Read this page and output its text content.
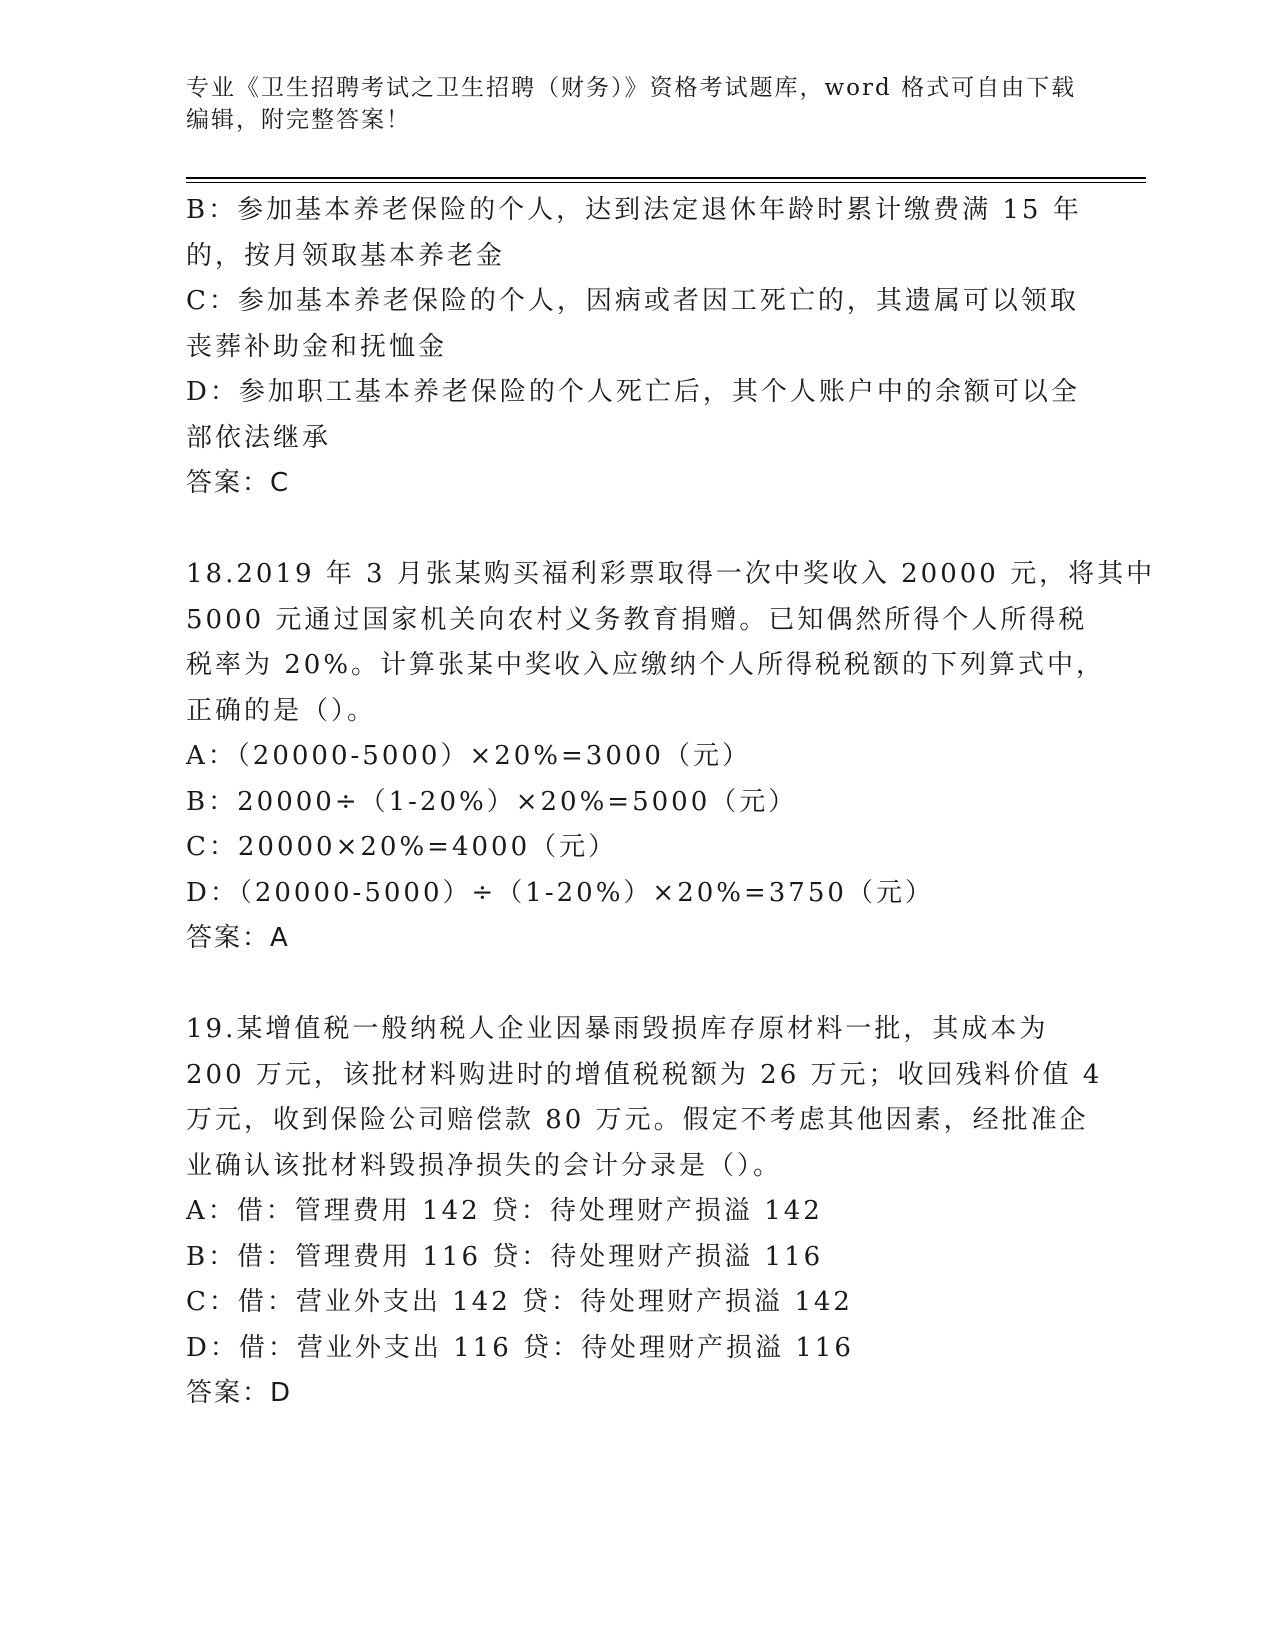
专业《卫生招聘考试之卫生招聘（财务）》资格考试题库，word 格式可自由下载
编辑，附完整答案！
B：参加基本养老保险的个人，达到法定退休年龄时累计缴费满 15 年
的，按月领取基本养老金
C：参加基本养老保险的个人，因病或者因工死亡的，其遗属可以领取
丧葬补助金和抚恤金
D：参加职工基本养老保险的个人死亡后，其个人账户中的余额可以全
部依法继承
答案：C
18.2019 年 3 月张某购买福利彩票取得一次中奖收入 20000 元，将其中
5000 元通过国家机关向农村义务教育捐赠。已知偶然所得个人所得税
税率为 20%。计算张某中奖收入应缴纳个人所得税税额的下列算式中，
正确的是（）。
A：（20000-5000）×20%=3000（元）
B：20000÷（1-20%）×20%=5000（元）
C：20000×20%=4000（元）
D：（20000-5000）÷（1-20%）×20%=3750（元）
答案：A
19.某增值税一般纳税人企业因暴雨毁损库存原材料一批，其成本为
200 万元，该批材料购进时的增值税税额为 26 万元；收回残料价值 4
万元，收到保险公司赔偿款 80 万元。假定不考虑其他因素，经批准企
业确认该批材料毁损净损失的会计分录是（）。
A：借：管理费用 142 贷：待处理财产损溢 142
B：借：管理费用 116 贷：待处理财产损溢 116
C：借：营业外支出 142 贷：待处理财产损溢 142
D：借：营业外支出 116 贷：待处理财产损溢 116
答案：D
